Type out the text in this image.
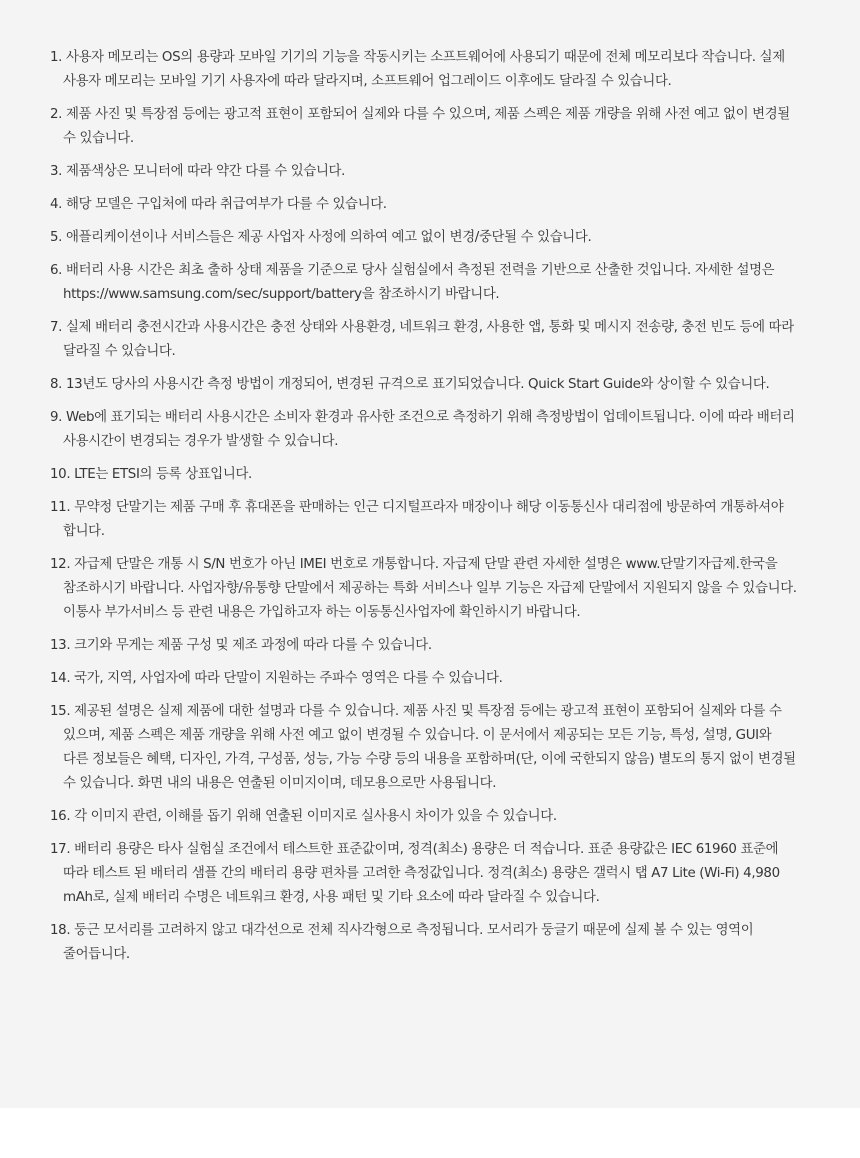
1. 사용자 메모리는 OS의 용량과 모바일 기기의 기능을 작동시키는 소프트웨어에 사용되기 때문에 전체 메모리보다 작습니다. 실제 사용자 메모리는 모바일 기기 사용자에 따라 달라지며, 소프트웨어 업그레이드 이후에도 달라질 수 있습니다.
2. 제품 사진 및 특장점 등에는 광고적 표현이 포함되어 실제와 다를 수 있으며, 제품 스펙은 제품 개량을 위해 사전 예고 없이 변경될 수 있습니다.
3. 제품색상은 모니터에 따라 약간 다를 수 있습니다.
4. 해당 모델은 구입처에 따라 취급여부가 다를 수 있습니다.
5. 애플리케이션이나 서비스들은 제공 사업자 사정에 의하여 예고 없이 변경/중단될 수 있습니다.
6. 배터리 사용 시간은 최초 출하 상태 제품을 기준으로 당사 실험실에서 측정된 전력을 기반으로 산출한 것입니다. 자세한 설명은 https://www.samsung.com/sec/support/battery을 참조하시기 바랍니다.
7. 실제 배터리 충전시간과 사용시간은 충전 상태와 사용환경, 네트워크 환경, 사용한 앱, 통화 및 메시지 전송량, 충전 빈도 등에 따라 달라질 수 있습니다.
8. 13년도 당사의 사용시간 측정 방법이 개정되어, 변경된 규격으로 표기되었습니다. Quick Start Guide와 상이할 수 있습니다.
9. Web에 표기되는 배터리 사용시간은 소비자 환경과 유사한 조건으로 측정하기 위해 측정방법이 업데이트됩니다. 이에 따라 배터리 사용시간이 변경되는 경우가 발생할 수 있습니다.
10. LTE는 ETSI의 등록 상표입니다.
11. 무약정 단말기는 제품 구매 후 휴대폰을 판매하는 인근 디지털프라자 매장이나 해당 이동통신사 대리점에 방문하여 개통하셔야 합니다.
12. 자급제 단말은 개통 시 S/N 번호가 아닌 IMEI 번호로 개통합니다. 자급제 단말 관련 자세한 설명은 www.단말기자급제.한국을 참조하시기 바랍니다. 사업자향/유통향 단말에서 제공하는 특화 서비스나 일부 기능은 자급제 단말에서 지원되지 않을 수 있습니다. 이통사 부가서비스 등 관련 내용은 가입하고자 하는 이동통신사업자에 확인하시기 바랍니다.
13. 크기와 무게는 제품 구성 및 제조 과정에 따라 다를 수 있습니다.
14. 국가, 지역, 사업자에 따라 단말이 지원하는 주파수 영역은 다를 수 있습니다.
15. 제공된 설명은 실제 제품에 대한 설명과 다를 수 있습니다. 제품 사진 및 특장점 등에는 광고적 표현이 포함되어 실제와 다를 수 있으며, 제품 스펙은 제품 개량을 위해 사전 예고 없이 변경될 수 있습니다. 이 문서에서 제공되는 모든 기능, 특성, 설명, GUI와 다른 정보들은 혜택, 디자인, 가격, 구성품, 성능, 가능 수량 등의 내용을 포함하며(단, 이에 국한되지 않음) 별도의 통지 없이 변경될 수 있습니다. 화면 내의 내용은 연출된 이미지이며, 데모용으로만 사용됩니다.
16. 각 이미지 관련, 이해를 돕기 위해 연출된 이미지로 실사용시 차이가 있을 수 있습니다.
17. 배터리 용량은 타사 실험실 조건에서 테스트한 표준값이며, 정격(최소) 용량은 더 적습니다. 표준 용량값은 IEC 61960 표준에 따라 테스트 된 배터리 샘플 간의 배터리 용량 편차를 고려한 측정값입니다. 정격(최소) 용량은 갤럭시 탭 A7 Lite (Wi-Fi) 4,980 mAh로, 실제 배터리 수명은 네트워크 환경, 사용 패턴 및 기타 요소에 따라 달라질 수 있습니다.
18. 둥근 모서리를 고려하지 않고 대각선으로 전체 직사각형으로 측정됩니다. 모서리가 둥글기 때문에 실제 볼 수 있는 영역이 줄어듭니다.
